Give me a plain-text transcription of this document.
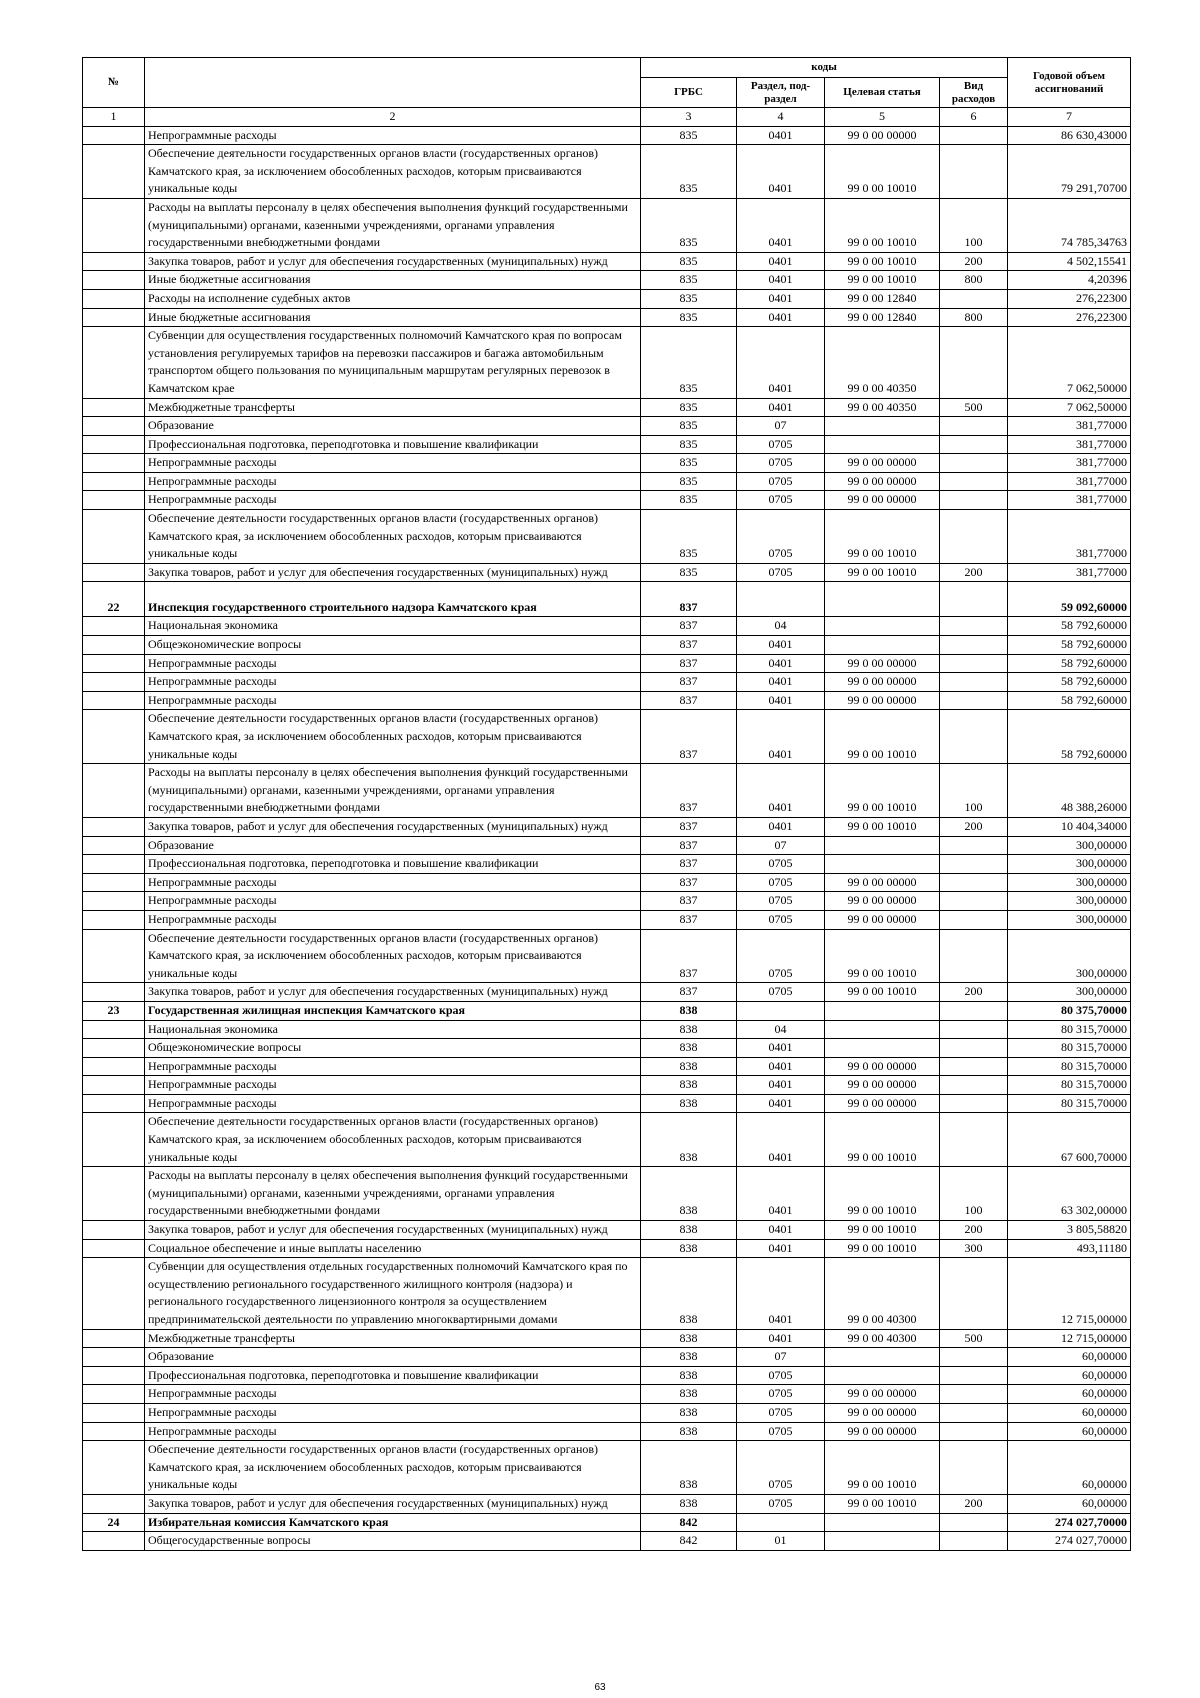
№		коды				Годовой объем ассигнований
		ГРБС	Раздел, под-раздел	Целевая статья	Вид расходов	
1	2	3	4	5	6	7
	Непрограммные расходы	835	0401	99 0 00 00000		86 630,43000
	Обеспечение деятельности государственных органов власти (государственных органов) Камчатского края, за исключением обособленных расходов, которым присваиваются уникальные коды	835	0401	99 0 00 10010		79 291,70700
	Расходы на выплаты персоналу в целях обеспечения выполнения функций государственными (муниципальными) органами, казенными учреждениями, органами управления государственными внебюджетными фондами	835	0401	99 0 00 10010	100	74 785,34763
	Закупка товаров, работ и услуг для обеспечения государственных (муниципальных) нужд	835	0401	99 0 00 10010	200	4 502,15541
	Иные бюджетные ассигнования	835	0401	99 0 00 10010	800	4,20396
	Расходы на исполнение судебных актов	835	0401	99 0 00 12840		276,22300
	Иные бюджетные ассигнования	835	0401	99 0 00 12840	800	276,22300
	Субвенции для осуществления государственных полномочий Камчатского края по вопросам установления регулируемых тарифов на перевозки пассажиров и багажа автомобильным транспортом общего пользования по муниципальным маршрутам регулярных перевозок в Камчатском крае	835	0401	99 0 00 40350		7 062,50000
	Межбюджетные трансферты	835	0401	99 0 00 40350	500	7 062,50000
	Образование	835	07			381,77000
	Профессиональная подготовка, переподготовка и повышение квалификации	835	0705			381,77000
	Непрограммные расходы	835	0705	99 0 00 00000		381,77000
	Непрограммные расходы	835	0705	99 0 00 00000		381,77000
	Непрограммные расходы	835	0705	99 0 00 00000		381,77000
	Обеспечение деятельности государственных органов власти (государственных органов) Камчатского края, за исключением обособленных расходов, которым присваиваются уникальные коды	835	0705	99 0 00 10010		381,77000
	Закупка товаров, работ и услуг для обеспечения государственных (муниципальных) нужд	835	0705	99 0 00 10010	200	381,77000
22	Инспекция государственного строительного надзора Камчатского края	837				59 092,60000
	Национальная экономика	837	04			58 792,60000
	Общеэкономические вопросы	837	0401			58 792,60000
	Непрограммные расходы	837	0401	99 0 00 00000		58 792,60000
	Непрограммные расходы	837	0401	99 0 00 00000		58 792,60000
	Непрограммные расходы	837	0401	99 0 00 00000		58 792,60000
	Обеспечение деятельности государственных органов власти (государственных органов) Камчатского края, за исключением обособленных расходов, которым присваиваются уникальные коды	837	0401	99 0 00 10010		58 792,60000
	Расходы на выплаты персоналу в целях обеспечения выполнения функций государственными (муниципальными) органами, казенными учреждениями, органами управления государственными внебюджетными фондами	837	0401	99 0 00 10010	100	48 388,26000
	Закупка товаров, работ и услуг для обеспечения государственных (муниципальных) нужд	837	0401	99 0 00 10010	200	10 404,34000
	Образование	837	07			300,00000
	Профессиональная подготовка, переподготовка и повышение квалификации	837	0705			300,00000
	Непрограммные расходы	837	0705	99 0 00 00000		300,00000
	Непрограммные расходы	837	0705	99 0 00 00000		300,00000
	Непрограммные расходы	837	0705	99 0 00 00000		300,00000
	Обеспечение деятельности государственных органов власти (государственных органов) Камчатского края, за исключением обособленных расходов, которым присваиваются уникальные коды	837	0705	99 0 00 10010		300,00000
	Закупка товаров, работ и услуг для обеспечения государственных (муниципальных) нужд	837	0705	99 0 00 10010	200	300,00000
23	Государственная жилищная инспекция Камчатского края	838				80 375,70000
	Национальная экономика	838	04			80 315,70000
	Общеэкономические вопросы	838	0401			80 315,70000
	Непрограммные расходы	838	0401	99 0 00 00000		80 315,70000
	Непрограммные расходы	838	0401	99 0 00 00000		80 315,70000
	Непрограммные расходы	838	0401	99 0 00 00000		80 315,70000
	Обеспечение деятельности государственных органов власти (государственных органов) Камчатского края, за исключением обособленных расходов, которым присваиваются уникальные коды	838	0401	99 0 00 10010		67 600,70000
	Расходы на выплаты персоналу в целях обеспечения выполнения функций государственными (муниципальными) органами, казенными учреждениями, органами управления государственными внебюджетными фондами	838	0401	99 0 00 10010	100	63 302,00000
	Закупка товаров, работ и услуг для обеспечения государственных (муниципальных) нужд	838	0401	99 0 00 10010	200	3 805,58820
	Социальное обеспечение и иные выплаты населению	838	0401	99 0 00 10010	300	493,11180
	Субвенции для осуществления отдельных государственных полномочий Камчатского края по осуществлению регионального государственного жилищного контроля (надзора) и регионального государственного лицензионного контроля за осуществлением предпринимательской деятельности по управлению многоквартирными домами	838	0401	99 0 00 40300		12 715,00000
	Межбюджетные трансферты	838	0401	99 0 00 40300	500	12 715,00000
	Образование	838	07			60,00000
	Профессиональная подготовка, переподготовка и повышение квалификации	838	0705			60,00000
	Непрограммные расходы	838	0705	99 0 00 00000		60,00000
	Непрограммные расходы	838	0705	99 0 00 00000		60,00000
	Непрограммные расходы	838	0705	99 0 00 00000		60,00000
	Обеспечение деятельности государственных органов власти (государственных органов) Камчатского края, за исключением обособленных расходов, которым присваиваются уникальные коды	838	0705	99 0 00 10010		60,00000
	Закупка товаров, работ и услуг для обеспечения государственных (муниципальных) нужд	838	0705	99 0 00 10010	200	60,00000
24	Избирательная комиссия Камчатского края	842				274 027,70000
	Общегосударственные вопросы	842	01			274 027,70000
63
